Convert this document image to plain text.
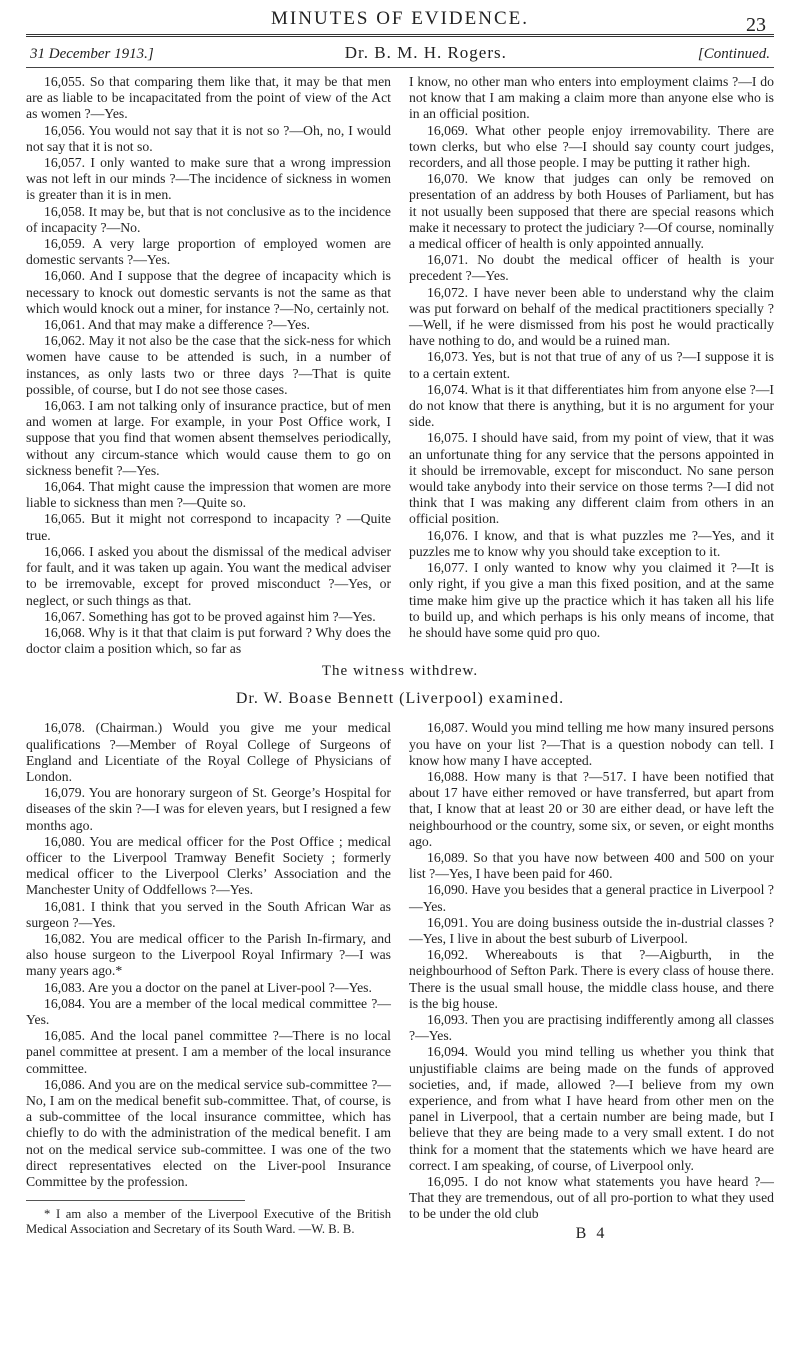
MINUTES OF EVIDENCE.	23
31 December 1913.]	Dr. B. M. H. Rogers.	[Continued.

16,055. So that comparing them like that, it may be that men are as liable to be incapacitated from the point of view of the Act as women ?—Yes.

16,056. You would not say that it is not so ?—Oh, no, I would not say that it is not so.

16,057. I only wanted to make sure that a wrong impression was not left in our minds ?—The incidence of sickness in women is greater than it is in men.

16,058. It may be, but that is not conclusive as to the incidence of incapacity ?—No.

16,059. A very large proportion of employed women are domestic servants ?—Yes.

16,060. And I suppose that the degree of incapacity which is necessary to knock out domestic servants is not the same as that which would knock out a miner, for instance ?—No, certainly not.

16,061. And that may make a difference ?—Yes.

16,062. May it not also be the case that the sick-ness for which women have cause to be attended is such, in a number of instances, as only lasts two or three days ?—That is quite possible, of course, but I do not see those cases.

16,063. I am not talking only of insurance practice, but of men and women at large. For example, in your Post Office work, I suppose that you find that women absent themselves periodically, without any circum-stance which would cause them to go on sickness benefit ?—Yes.

16,064. That might cause the impression that women are more liable to sickness than men ?—Quite so.

16,065. But it might not correspond to incapacity ? —Quite true.

16,066. I asked you about the dismissal of the medical adviser for fault, and it was taken up again. You want the medical adviser to be irremovable, except for proved misconduct ?—Yes, or neglect, or such things as that.

16,067. Something has got to be proved against him ?—Yes.

16,068. Why is it that that claim is put forward ? Why does the doctor claim a position which, so far as

I know, no other man who enters into employment claims ?—I do not know that I am making a claim more than anyone else who is in an official position.

16,069. What other people enjoy irremovability. There are town clerks, but who else ?—I should say county court judges, recorders, and all those people. I may be putting it rather high.

16,070. We know that judges can only be removed on presentation of an address by both Houses of Parliament, but has it not usually been supposed that there are special reasons which make it necessary to protect the judiciary ?—Of course, nominally a medical officer of health is only appointed annually.

16,071. No doubt the medical officer of health is your precedent ?—Yes.

16,072. I have never been able to understand why the claim was put forward on behalf of the medical practitioners specially ?—Well, if he were dismissed from his post he would practically have nothing to do, and would be a ruined man.

16,073. Yes, but is not that true of any of us ?—I suppose it is to a certain extent.

16,074. What is it that differentiates him from anyone else ?—I do not know that there is anything, but it is no argument for your side.

16,075. I should have said, from my point of view, that it was an unfortunate thing for any service that the persons appointed in it should be irremovable, except for misconduct. No sane person would take anybody into their service on those terms ?—I did not think that I was making any different claim from others in an official position.

16,076. I know, and that is what puzzles me ?—Yes, and it puzzles me to know why you should take exception to it.

16,077. I only wanted to know why you claimed it ?—It is only right, if you give a man this fixed position, and at the same time make him give up the practice which it has taken all his life to build up, and which perhaps is his only means of income, that he should have some quid pro quo.

The witness withdrew.
Dr. W. Boase Bennett (Liverpool) examined.

16,078. (Chairman.) Would you give me your medical qualifications ?—Member of Royal College of Surgeons of England and Licentiate of the Royal College of Physicians of London.

16,079. You are honorary surgeon of St. George’s Hospital for diseases of the skin ?—I was for eleven years, but I resigned a few months ago.

16,080. You are medical officer for the Post Office ; medical officer to the Liverpool Tramway Benefit Society ; formerly medical officer to the Liverpool Clerks’ Association and the Manchester Unity of Oddfellows ?—Yes.

16,081. I think that you served in the South African War as surgeon ?—Yes.

16,082. You are medical officer to the Parish In-firmary, and also house surgeon to the Liverpool Royal Infirmary ?—I was many years ago.*

16,083. Are you a doctor on the panel at Liver-pool ?—Yes.

16,084. You are a member of the local medical committee ?—Yes.

16,085. And the local panel committee ?—There is no local panel committee at present. I am a member of the local insurance committee.

16,086. And you are on the medical service sub-committee ?—No, I am on the medical benefit sub-committee. That, of course, is a sub-committee of the local insurance committee, which has chiefly to do with the administration of the medical benefit. I am not on the medical service sub-committee. I was one of the two direct representatives elected on the Liver-pool Insurance Committee by the profession.

* I am also a member of the Liverpool Executive of the British Medical Association and Secretary of its South Ward. —W. B. B.

16,087. Would you mind telling me how many insured persons you have on your list ?—That is a question nobody can tell. I know how many I have accepted.

16,088. How many is that ?—517. I have been notified that about 17 have either removed or have transferred, but apart from that, I know that at least 20 or 30 are either dead, or have left the neighbourhood or the country, some six, or seven, or eight months ago.

16,089. So that you have now between 400 and 500 on your list ?—Yes, I have been paid for 460.

16,090. Have you besides that a general practice in Liverpool ?—Yes.

16,091. You are doing business outside the in-dustrial classes ?—Yes, I live in about the best suburb of Liverpool.

16,092. Whereabouts is that ?—Aigburth, in the neighbourhood of Sefton Park. There is every class of house there. There is the usual small house, the middle class house, and there is the big house.

16,093. Then you are practising indifferently among all classes ?—Yes.

16,094. Would you mind telling us whether you think that unjustifiable claims are being made on the funds of approved societies, and, if made, allowed ?—I believe from my own experience, and from what I have heard from other men on the panel in Liverpool, that a certain number are being made, but I believe that they are being made to a very small extent. I do not think for a moment that the statements which we have heard are correct. I am speaking, of course, of Liverpool only.

16,095. I do not know what statements you have heard ?—That they are tremendous, out of all pro-portion to what they used to be under the old club

B 4
